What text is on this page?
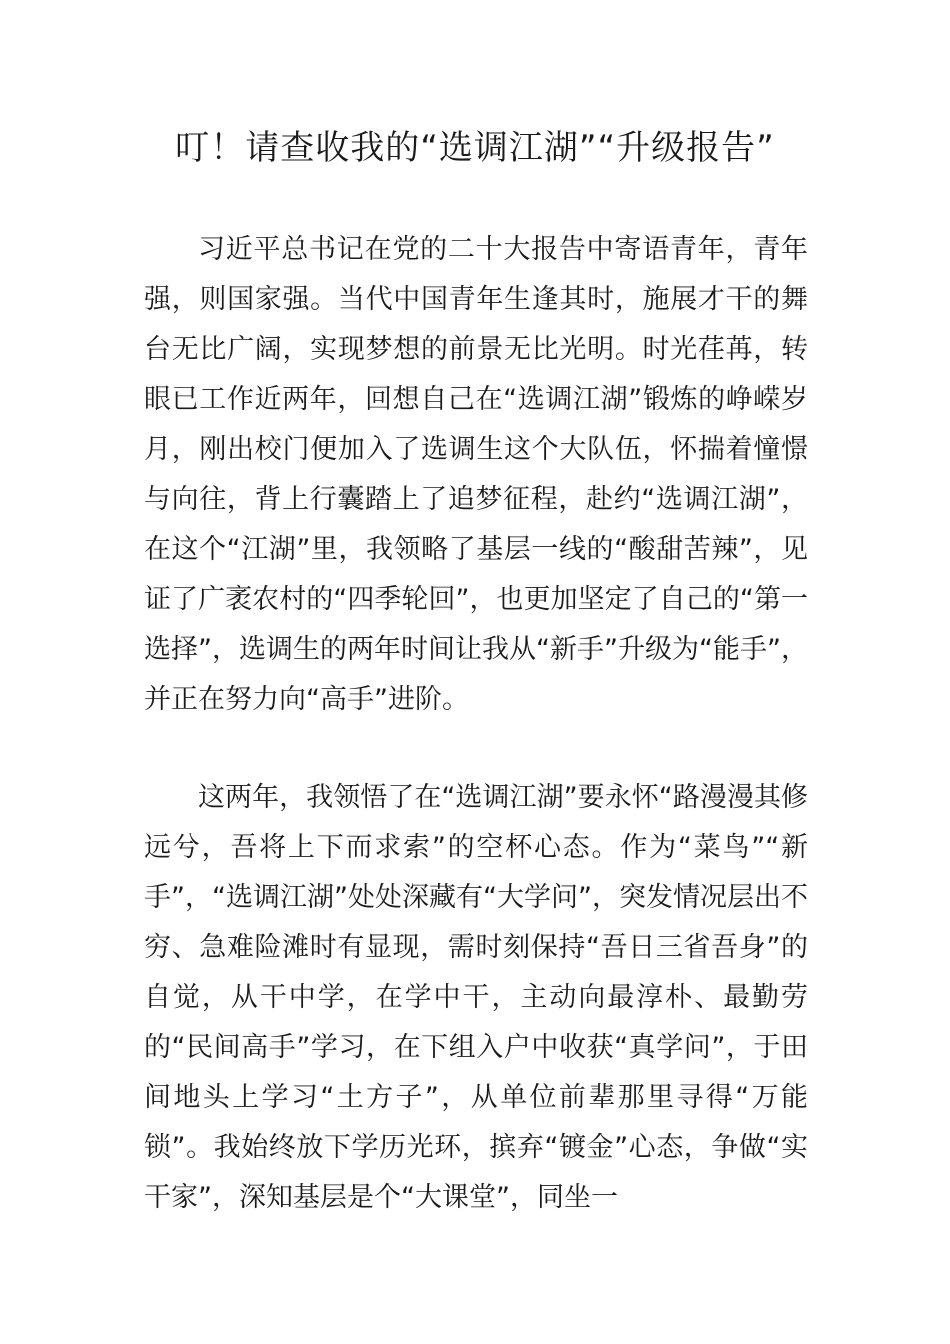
叮！请查收我的“选调江湖”“升级报告”

习近平总书记在党的二十大报告中寄语青年，青年强，则国家强。当代中国青年生逢其时，施展才干的舞台无比广阔，实现梦想的前景无比光明。时光荏苒，转眼已工作近两年，回想自己在“选调江湖”锻炼的峥嵘岁月，刚出校门便加入了选调生这个大队伍，怀揣着憧憬与向往，背上行囊踏上了追梦征程，赴约“选调江湖”，在这个“江湖”里，我领略了基层一线的“酸甜苦辣”，见证了广袤农村的“四季轮回”，也更加坚定了自己的“第一选择”，选调生的两年时间让我从“新手”升级为“能手”，并正在努力向“高手”进阶。

这两年，我领悟了在“选调江湖”要永怀“路漫漫其修远兮，吾将上下而求索”的空杯心态。作为“菜鸟”“新手”，“选调江湖”处处深藏有“大学问”，突发情况层出不穷、急难险滩时有显现，需时刻保持“吾日三省吾身”的自觉，从干中学，在学中干，主动向最淳朴、最勤劳的“民间高手”学习，在下组入户中收获“真学问”，于田间地头上学习“土方子”，从单位前辈那里寻得“万能锁”。我始终放下学历光环，摈弃“镀金”心态，争做“实干家”，深知基层是个“大课堂”，同坐一
